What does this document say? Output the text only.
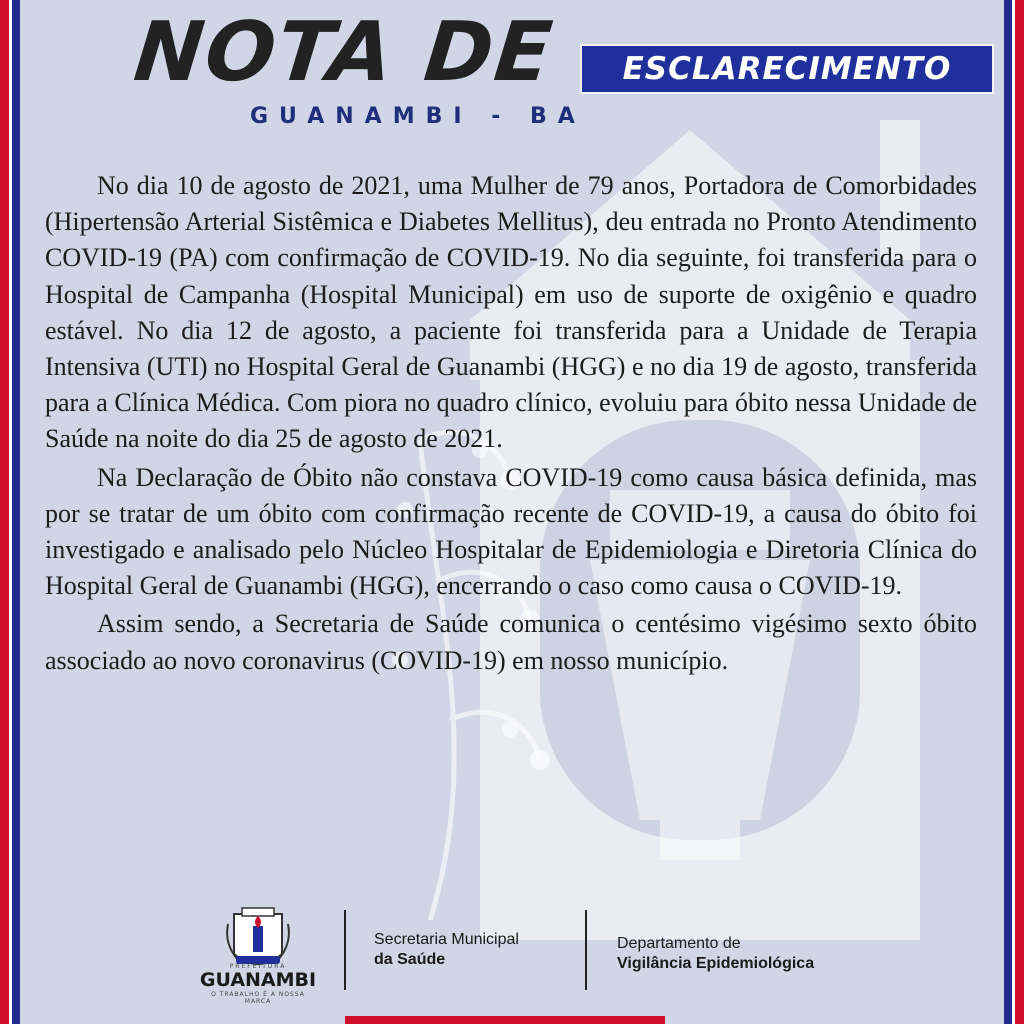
NOTA DE ESCLARECIMENTO
GUANAMBI - BA

No dia 10 de agosto de 2021, uma Mulher de 79 anos, Portadora de Comorbidades (Hipertensão Arterial Sistêmica e Diabetes Mellitus), deu entrada no Pronto Atendimento COVID-19 (PA) com confirmação de COVID-19. No dia seguinte, foi transferida para o Hospital de Campanha (Hospital Municipal) em uso de suporte de oxigênio e quadro estável. No dia 12 de agosto, a paciente foi transferida para a Unidade de Terapia Intensiva (UTI) no Hospital Geral de Guanambi (HGG) e no dia 19 de agosto, transferida para a Clínica Médica. Com piora no quadro clínico, evoluiu para óbito nessa Unidade de Saúde na noite do dia 25 de agosto de 2021.

Na Declaração de Óbito não constava COVID-19 como causa básica definida, mas por se tratar de um óbito com confirmação recente de COVID-19, a causa do óbito foi investigado e analisado pelo Núcleo Hospitalar de Epidemiologia e Diretoria Clínica do Hospital Geral de Guanambi (HGG), encerrando o caso como causa o COVID-19.

Assim sendo, a Secretaria de Saúde comunica o centésimo vigésimo sexto óbito associado ao novo coronavirus (COVID-19) em nosso município.

PREFEITURA
GUANAMBI
O TRABALHO É A NOSSA MARCA
Secretaria Municipal
da Saúde
Departamento de
Vigilância Epidemiológica
